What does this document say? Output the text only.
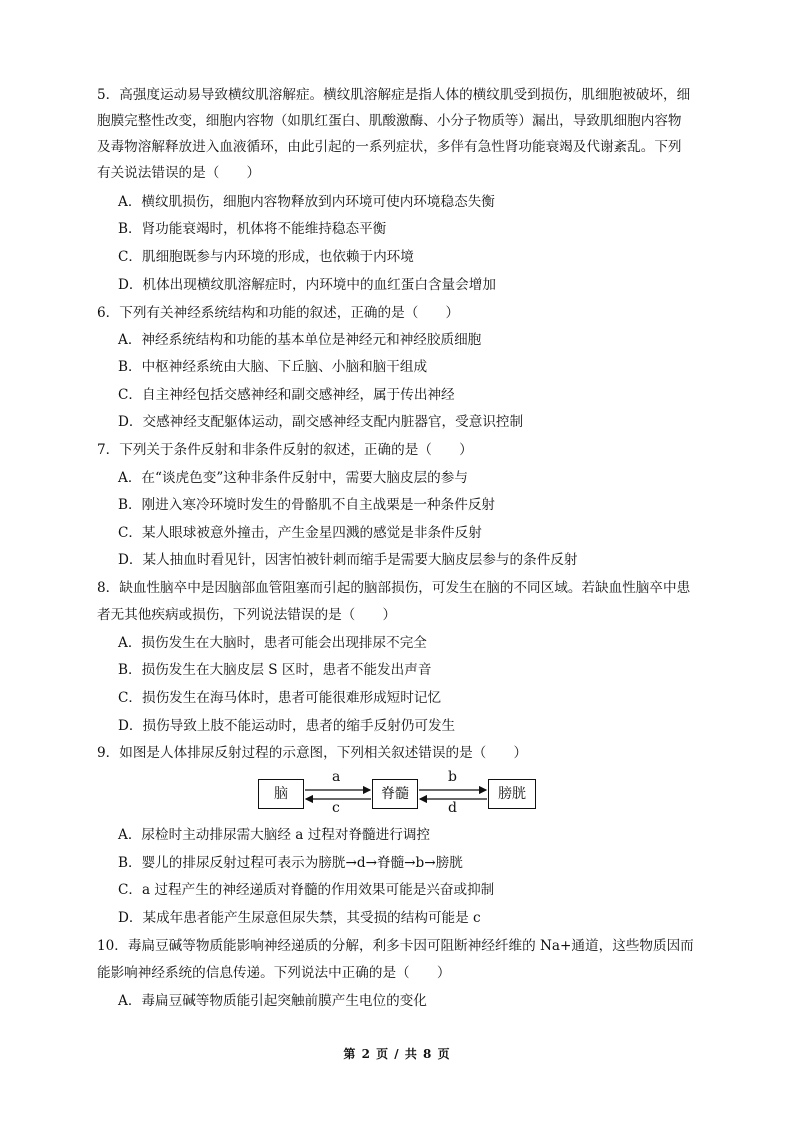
5．高强度运动易导致横纹肌溶解症。横纹肌溶解症是指人体的横纹肌受到损伤，肌细胞被破坏，细
胞膜完整性改变，细胞内容物（如肌红蛋白、肌酸激酶、小分子物质等）漏出，导致肌细胞内容物
及毒物溶解释放进入血液循环，由此引起的一系列症状，多伴有急性肾功能衰竭及代谢紊乱。下列
有关说法错误的是（　　）
A．横纹肌损伤，细胞内容物释放到内环境可使内环境稳态失衡
B．肾功能衰竭时，机体将不能维持稳态平衡
C．肌细胞既参与内环境的形成，也依赖于内环境
D．机体出现横纹肌溶解症时，内环境中的血红蛋白含量会增加
6．下列有关神经系统结构和功能的叙述，正确的是（　　）
A．神经系统结构和功能的基本单位是神经元和神经胶质细胞
B．中枢神经系统由大脑、下丘脑、小脑和脑干组成
C．自主神经包括交感神经和副交感神经，属于传出神经
D．交感神经支配躯体运动，副交感神经支配内脏器官，受意识控制
7．下列关于条件反射和非条件反射的叙述，正确的是（　　）
A．在“谈虎色变”这种非条件反射中，需要大脑皮层的参与
B．刚进入寒冷环境时发生的骨骼肌不自主战栗是一种条件反射
C．某人眼球被意外撞击，产生金星四溅的感觉是非条件反射
D．某人抽血时看见针，因害怕被针刺而缩手是需要大脑皮层参与的条件反射
8．缺血性脑卒中是因脑部血管阻塞而引起的脑部损伤，可发生在脑的不同区域。若缺血性脑卒中患
者无其他疾病或损伤，下列说法错误的是（　　）
A．损伤发生在大脑时，患者可能会出现排尿不完全
B．损伤发生在大脑皮层 S 区时，患者不能发出声音
C．损伤发生在海马体时，患者可能很难形成短时记忆
D．损伤导致上肢不能运动时，患者的缩手反射仍可发生
9．如图是人体排尿反射过程的示意图，下列相关叙述错误的是（　　）
脑	脊髓	膀胱
a
c
b
d
A．尿检时主动排尿需大脑经 a 过程对脊髓进行调控
B．婴儿的排尿反射过程可表示为膀胱→d→脊髓→b→膀胱
C．a 过程产生的神经递质对脊髓的作用效果可能是兴奋或抑制
D．某成年患者能产生尿意但尿失禁，其受损的结构可能是 c
10．毒扁豆碱等物质能影响神经递质的分解，利多卡因可阻断神经纤维的 Na+通道，这些物质因而
能影响神经系统的信息传递。下列说法中正确的是（　　）
A．毒扁豆碱等物质能引起突触前膜产生电位的变化
第 2 页 / 共 8 页
